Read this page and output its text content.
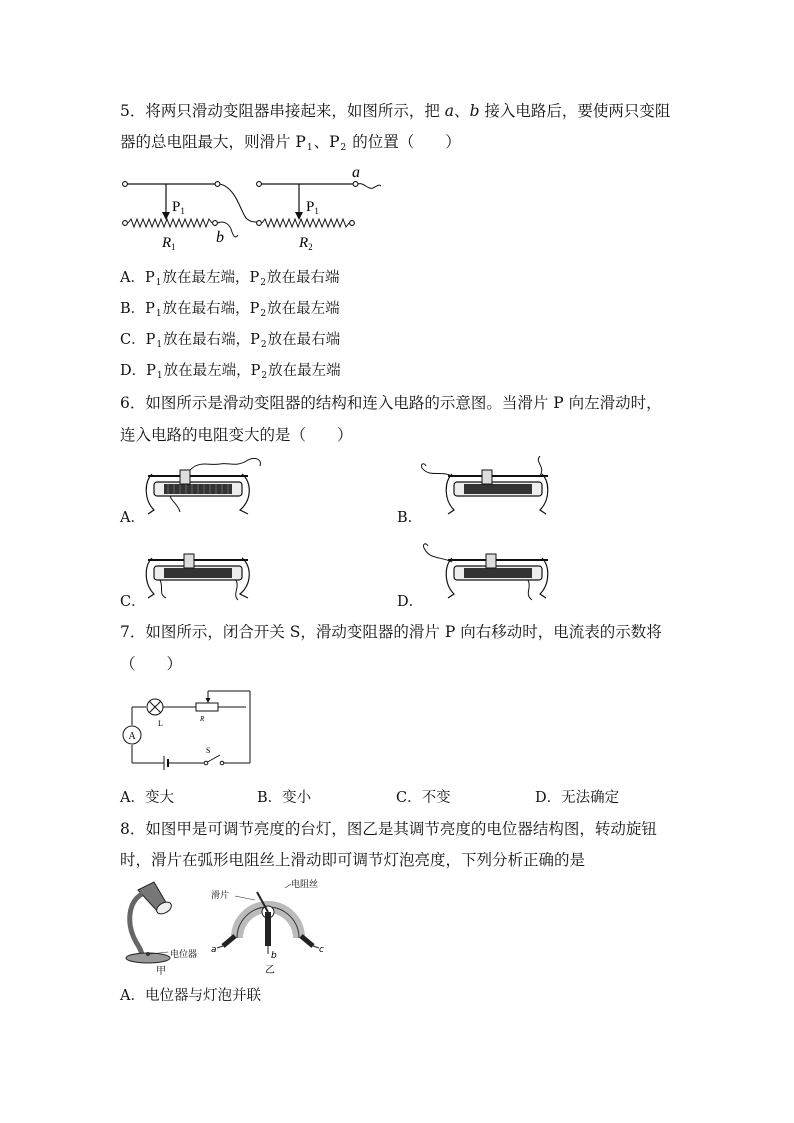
5．将两只滑动变阻器串接起来，如图所示，把 a、b 接入电路后，要使两只变阻
器的总电阻最大，则滑片 P1、P2 的位置（　　）
$P_1$
$R_1$
b
a
$P_1$
$R_2$
A．$P_1$放在最左端，$P_2$放在最右端
B．$P_1$放在最右端，$P_2$放在最左端
C．$P_1$放在最右端，$P_2$放在最右端
D．$P_1$放在最左端，$P_2$放在最左端
6．如图所示是滑动变阻器的结构和连入电路的示意图。当滑片 P 向左滑动时，
连入电路的电阻变大的是（　　）
A．	B．
C．	D．
7．如图所示，闭合开关 S，滑动变阻器的滑片 P 向右移动时，电流表的示数将
（　　）
L	R
A
S
A．变大	B．变小	C．不变	D．无法确定
8．如图甲是可调节亮度的台灯，图乙是其调节亮度的电位器结构图，转动旋钮
时，滑片在弧形电阻丝上滑动即可调节灯泡亮度，下列分析正确的是
电位器
甲
a
b
c
滑片
电阻丝
乙
A．电位器与灯泡并联
